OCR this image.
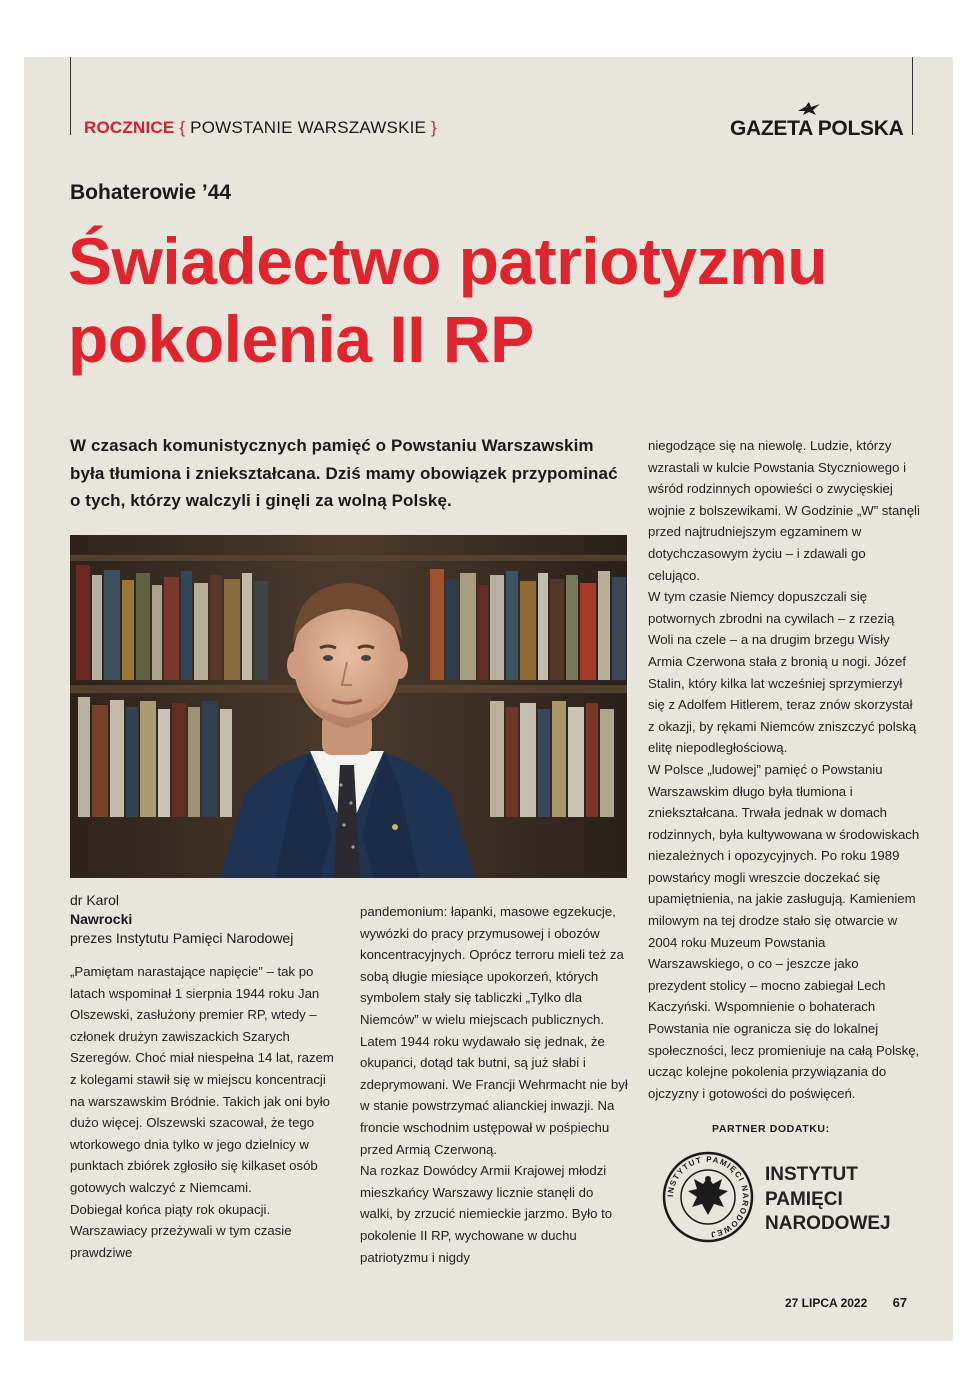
ROCZNICE { POWSTANIE WARSZAWSKIE }	GAZETA POLSKA
Bohaterowie ’44
Świadectwo patriotyzmu
pokolenia II RP
W czasach komunistycznych pamięć o Powstaniu Warszawskim była tłumiona i zniekształcana. Dziś mamy obowiązek przypominać o tych, którzy walczyli i ginęli za wolną Polskę.
dr Karol
Nawrocki
prezes Instytutu Pamięci Narodowej

„Pamiętam narastające napięcie” – tak po latach wspominał 1 sierpnia 1944 roku Jan Olszewski, zasłużony premier RP, wtedy – członek drużyn zawiszackich Szarych Szeregów. Choć miał niespełna 14 lat, razem z kolegami stawił się w miejscu koncentracji na warszawskim Bródnie. Takich jak oni było dużo więcej. Olszewski szacował, że tego wtorkowego dnia tylko w jego dzielnicy w punktach zbiórek zgłosiło się kilkaset osób gotowych walczyć z Niemcami.

Dobiegał końca piąty rok okupacji. Warszawiacy przeżywali w tym czasie prawdziwe

pandemonium: łapanki, masowe egzekucje, wywózki do pracy przymusowej i obozów koncentracyjnych. Oprócz terroru mieli też za sobą długie miesiące upokorzeń, których symbolem stały się tabliczki „Tylko dla Niemców” w wielu miejscach publicznych. Latem 1944 roku wydawało się jednak, że okupanci, dotąd tak butni, są już słabi i zdeprymowani. We Francji Wehrmacht nie był w stanie powstrzymać alianckiej inwazji. Na froncie wschodnim ustępował w pośpiechu przed Armią Czerwoną.

Na rozkaz Dowódcy Armii Krajowej młodzi mieszkańcy Warszawy licznie stanęli do walki, by zrzucić niemieckie jarzmo. Było to pokolenie II RP, wychowane w duchu patriotyzmu i nigdy

niegodzące się na niewolę. Ludzie, którzy wzrastali w kulcie Powstania Styczniowego i wśród rodzinnych opowieści o zwycięskiej wojnie z bolszewikami. W Godzinie „W” stanęli przed najtrudniejszym egzaminem w dotychczasowym życiu – i zdawali go celująco.

W tym czasie Niemcy dopuszczali się potwornych zbrodni na cywilach – z rzezią Woli na czele – a na drugim brzegu Wisły Armia Czerwona stała z bronią u nogi. Józef Stalin, który kilka lat wcześniej sprzymierzył się z Adolfem Hitlerem, teraz znów skorzystał z okazji, by rękami Niemców zniszczyć polską elitę niepodległościową.

W Polsce „ludowej” pamięć o Powstaniu Warszawskim długo była tłumiona i zniekształcana. Trwała jednak w domach rodzinnych, była kultywowana w środowiskach niezależnych i opozycyjnych. Po roku 1989 powstańcy mogli wreszcie doczekać się upamiętnienia, na jakie zasługują. Kamieniem milowym na tej drodze stało się otwarcie w 2004 roku Muzeum Powstania Warszawskiego, o co – jeszcze jako prezydent stolicy – mocno zabiegał Lech Kaczyński. Wspomnienie o bohaterach Powstania nie ogranicza się do lokalnej społeczności, lecz promieniuje na całą Polskę, ucząc kolejne pokolenia przywiązania do ojczyzny i gotowości do poświęceń.

PARTNER DODATKU:
INSTYTUT PAMIĘCI NARODOWEJ
INSTYTUT
PAMIĘCI
NARODOWEJ
27 LIPCA 2022 67
